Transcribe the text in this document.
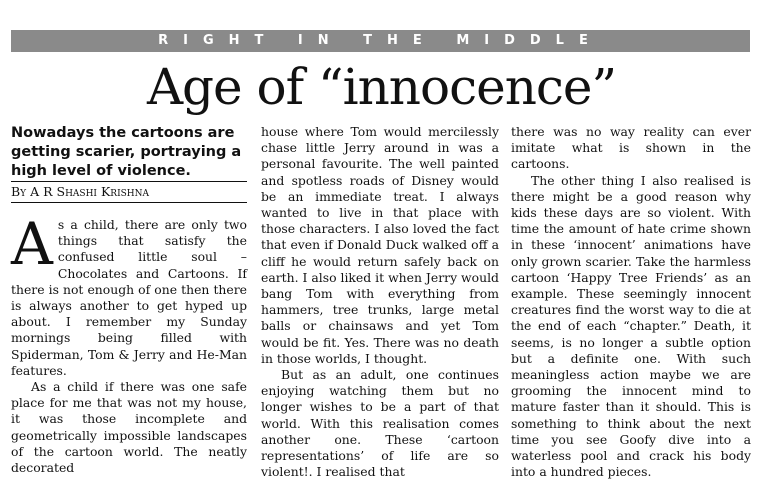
RIGHT IN THE MIDDLE
Age of “innocence”

Nowadays the cartoons are getting scarier, portraying a high level of violence.

By A R Shashi Krishna

As a child, there are only two things that satisfy the confused little soul – Chocolates and Cartoons. If there is not enough of one then there is always another to get hyped up about. I remember my Sunday mornings being filled with Spiderman, Tom & Jerry and He-Man features.

As a child if there was one safe place for me that was not my house, it was those incomplete and geometrically impossible landscapes of the cartoon world. The neatly decorated

house where Tom would mercilessly chase little Jerry around in was a personal favourite. The well painted and spotless roads of Disney would be an immediate treat. I always wanted to live in that place with those characters. I also loved the fact that even if Donald Duck walked off a cliff he would return safely back on earth. I also liked it when Jerry would bang Tom with everything from hammers, tree trunks, large metal balls or chainsaws and yet Tom would be fit. Yes. There was no death in those worlds, I thought.

But as an adult, one continues enjoying watching them but no longer wishes to be a part of that world. With this realisation comes another one. These ‘cartoon representations’ of life are so violent!. I realised that

there was no way reality can ever imitate what is shown in the cartoons.

The other thing I also realised is there might be a good reason why kids these days are so violent. With time the amount of hate crime shown in these ‘innocent’ animations have only grown scarier. Take the harmless cartoon ‘Happy Tree Friends’ as an example. These seemingly innocent creatures find the worst way to die at the end of each “chapter.” Death, it seems, is no longer a subtle option but a definite one. With such meaningless action maybe we are grooming the innocent mind to mature faster than it should. This is something to think about the next time you see Goofy dive into a waterless pool and crack his body into a hundred pieces.
